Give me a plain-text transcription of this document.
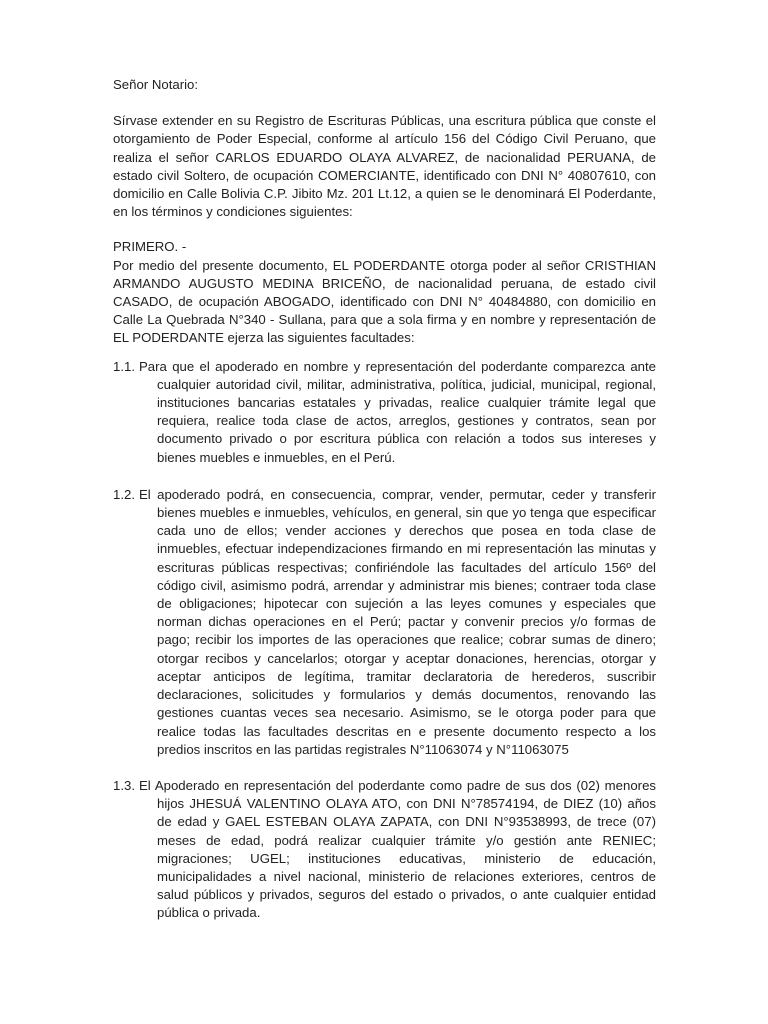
Señor Notario:

Sírvase extender en su Registro de Escrituras Públicas, una escritura pública que conste el otorgamiento de Poder Especial, conforme al artículo 156 del Código Civil Peruano, que realiza el señor CARLOS EDUARDO OLAYA ALVAREZ, de nacionalidad PERUANA, de estado civil Soltero, de ocupación COMERCIANTE, identificado con DNI N° 40807610, con domicilio en Calle Bolivia C.P. Jibito Mz. 201 Lt.12, a quien se le denominará El Poderdante, en los términos y condiciones siguientes:

PRIMERO. -

Por medio del presente documento, EL PODERDANTE otorga poder al señor CRISTHIAN ARMANDO AUGUSTO MEDINA BRICEÑO, de nacionalidad peruana, de estado civil CASADO, de ocupación ABOGADO, identificado con DNI N° 40484880, con domicilio en Calle La Quebrada N°340 - Sullana, para que a sola firma y en nombre y representación de EL PODERDANTE ejerza las siguientes facultades:

1.1. Para que el apoderado en nombre y representación del poderdante comparezca ante cualquier autoridad civil, militar, administrativa, política, judicial, municipal, regional, instituciones bancarias estatales y privadas, realice cualquier trámite legal que requiera, realice toda clase de actos, arreglos, gestiones y contratos, sean por documento privado o por escritura pública con relación a todos sus intereses y bienes muebles e inmuebles, en el Perú.

1.2. El apoderado podrá, en consecuencia, comprar, vender, permutar, ceder y transferir bienes muebles e inmuebles, vehículos, en general, sin que yo tenga que especificar cada uno de ellos; vender acciones y derechos que posea en toda clase de inmuebles, efectuar independizaciones firmando en mi representación las minutas y escrituras públicas respectivas; confiriéndole las facultades del artículo 156º del código civil, asimismo podrá, arrendar y administrar mis bienes; contraer toda clase de obligaciones; hipotecar con sujeción a las leyes comunes y especiales que norman dichas operaciones en el Perú; pactar y convenir precios y/o formas de pago; recibir los importes de las operaciones que realice; cobrar sumas de dinero; otorgar recibos y cancelarlos; otorgar y aceptar donaciones, herencias, otorgar y aceptar anticipos de legítima, tramitar declaratoria de herederos, suscribir declaraciones, solicitudes y formularios y demás documentos, renovando las gestiones cuantas veces sea necesario. Asimismo, se le otorga poder para que realice todas las facultades descritas en e presente documento respecto a los predios inscritos en las partidas registrales N°11063074 y N°11063075

1.3. El Apoderado en representación del poderdante como padre de sus dos (02) menores hijos JHESUÁ VALENTINO OLAYA ATO, con DNI N°78574194, de DIEZ (10) años de edad y GAEL ESTEBAN OLAYA ZAPATA, con DNI N°93538993, de trece (07) meses de edad, podrá realizar cualquier trámite y/o gestión ante RENIEC; migraciones; UGEL; instituciones educativas, ministerio de educación, municipalidades a nivel nacional, ministerio de relaciones exteriores, centros de salud públicos y privados, seguros del estado o privados, o ante cualquier entidad pública o privada.
